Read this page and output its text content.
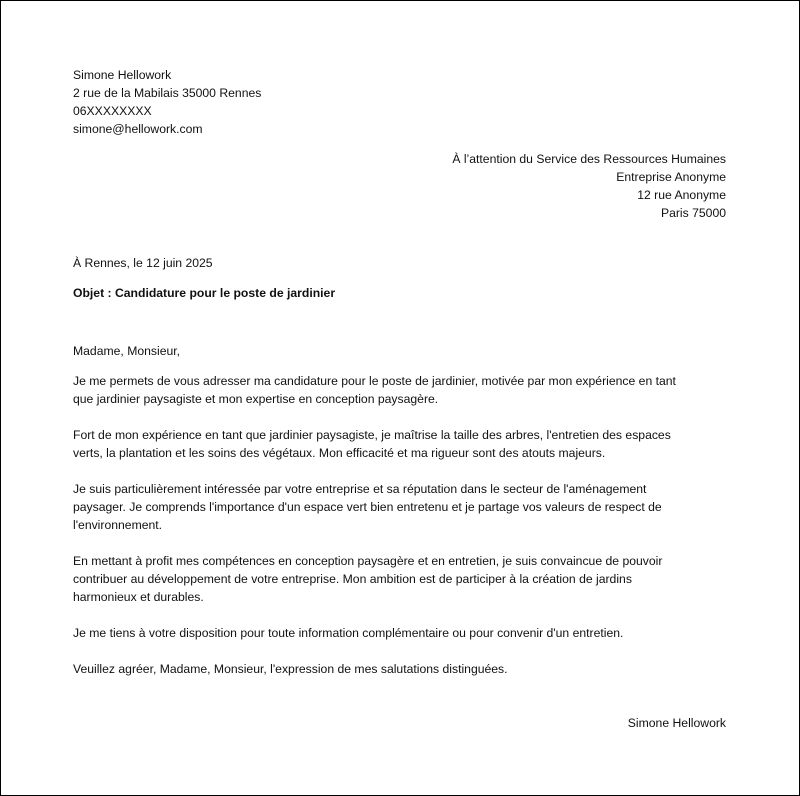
Simone Hellowork
2 rue de la Mabilais 35000 Rennes
06XXXXXXXX
simone@hellowork.com
À l’attention du Service des Ressources Humaines
Entreprise Anonyme
12 rue Anonyme
Paris 75000
À Rennes, le 12 juin 2025
Objet : Candidature pour le poste de jardinier
Madame, Monsieur,
Je me permets de vous adresser ma candidature pour le poste de jardinier, motivée par mon expérience en tant
que jardinier paysagiste et mon expertise en conception paysagère.
Fort de mon expérience en tant que jardinier paysagiste, je maîtrise la taille des arbres, l'entretien des espaces
verts, la plantation et les soins des végétaux. Mon efficacité et ma rigueur sont des atouts majeurs.
Je suis particulièrement intéressée par votre entreprise et sa réputation dans le secteur de l'aménagement
paysager. Je comprends l'importance d'un espace vert bien entretenu et je partage vos valeurs de respect de
l'environnement.
En mettant à profit mes compétences en conception paysagère et en entretien, je suis convaincue de pouvoir
contribuer au développement de votre entreprise. Mon ambition est de participer à la création de jardins
harmonieux et durables.
Je me tiens à votre disposition pour toute information complémentaire ou pour convenir d'un entretien.
Veuillez agréer, Madame, Monsieur, l'expression de mes salutations distinguées.
Simone Hellowork
